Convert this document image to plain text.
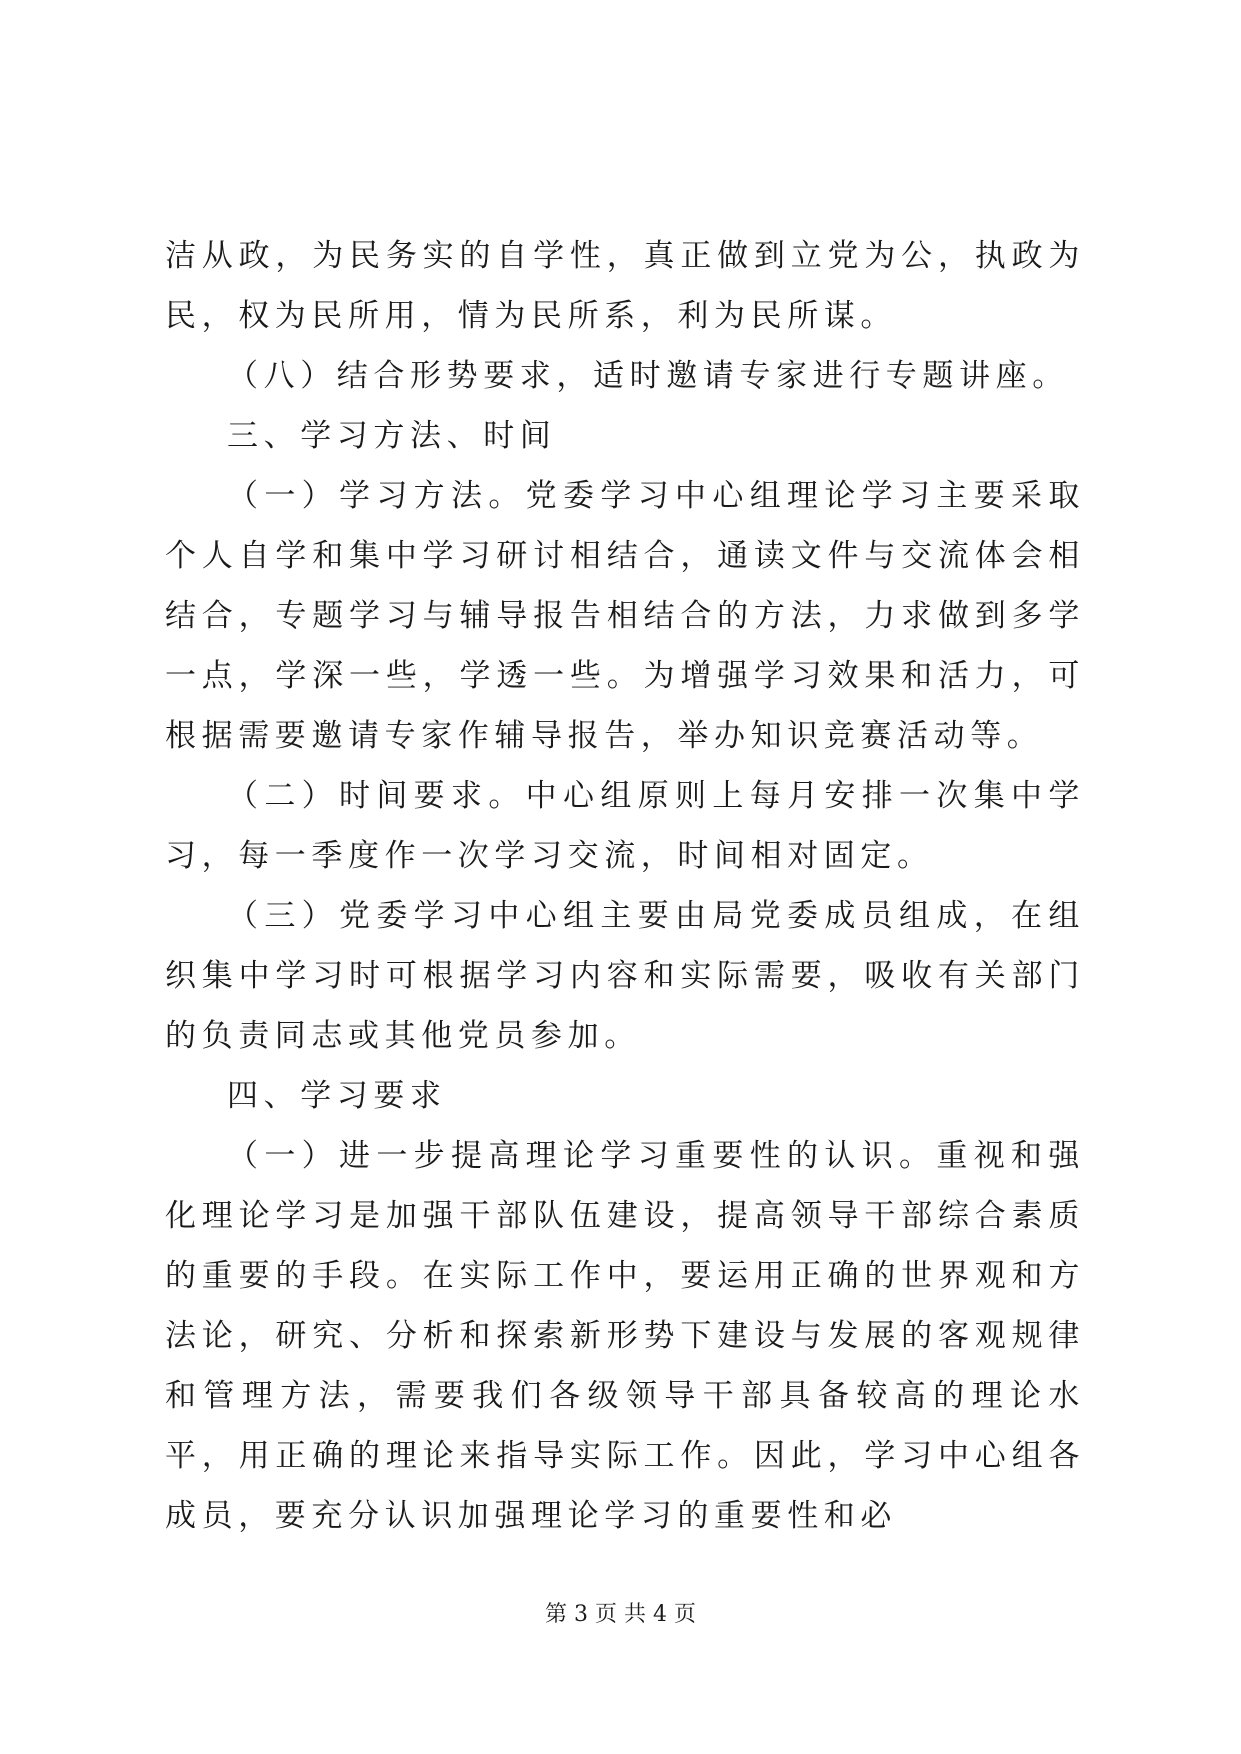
洁从政，为民务实的自学性，真正做到立党为公，执政为民，权为民所用，情为民所系，利为民所谋。

（八）结合形势要求，适时邀请专家进行专题讲座。

三、学习方法、时间

（一）学习方法。党委学习中心组理论学习主要采取个人自学和集中学习研讨相结合，通读文件与交流体会相结合，专题学习与辅导报告相结合的方法，力求做到多学一点，学深一些，学透一些。为增强学习效果和活力，可根据需要邀请专家作辅导报告，举办知识竞赛活动等。

（二）时间要求。中心组原则上每月安排一次集中学习，每一季度作一次学习交流，时间相对固定。

（三）党委学习中心组主要由局党委成员组成，在组织集中学习时可根据学习内容和实际需要，吸收有关部门的负责同志或其他党员参加。

四、学习要求

（一）进一步提高理论学习重要性的认识。重视和强化理论学习是加强干部队伍建设，提高领导干部综合素质的重要的手段。在实际工作中，要运用正确的世界观和方法论，研究、分析和探索新形势下建设与发展的客观规律和管理方法，需要我们各级领导干部具备较高的理论水平，用正确的理论来指导实际工作。因此，学习中心组各成员，要充分认识加强理论学习的重要性和必

第 3 页 共 4 页
